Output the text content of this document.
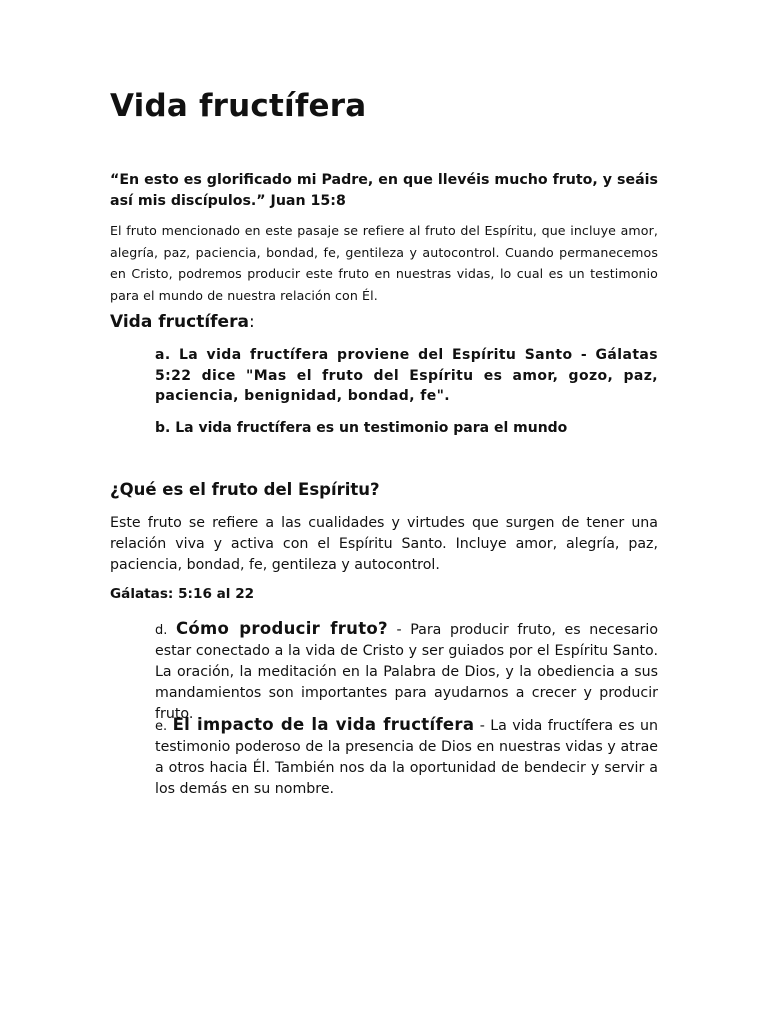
Vida fructífera

“En esto es glorificado mi Padre, en que llevéis mucho fruto, y seáis así mis discípulos.” Juan 15:8

El fruto mencionado en este pasaje se refiere al fruto del Espíritu, que incluye amor, alegría, paz, paciencia, bondad, fe, gentileza y autocontrol. Cuando permanecemos en Cristo, podremos producir este fruto en nuestras vidas, lo cual es un testimonio para el mundo de nuestra relación con Él.

Vida fructífera:

a. La vida fructífera proviene del Espíritu Santo - Gálatas 5:22 dice "Mas el fruto del Espíritu es amor, gozo, paz, paciencia, benignidad, bondad, fe".

b. La vida fructífera es un testimonio para el mundo

¿Qué es el fruto del Espíritu?

Este fruto se refiere a las cualidades y virtudes que surgen de tener una relación viva y activa con el Espíritu Santo. Incluye amor, alegría, paz, paciencia, bondad, fe, gentileza y autocontrol.

Gálatas: 5:16 al 22

d. Cómo producir fruto? - Para producir fruto, es necesario estar conectado a la vida de Cristo y ser guiados por el Espíritu Santo. La oración, la meditación en la Palabra de Dios, y la obediencia a sus mandamientos son importantes para ayudarnos a crecer y producir fruto.

e. El impacto de la vida fructífera - La vida fructífera es un testimonio poderoso de la presencia de Dios en nuestras vidas y atrae a otros hacia Él. También nos da la oportunidad de bendecir y servir a los demás en su nombre.
